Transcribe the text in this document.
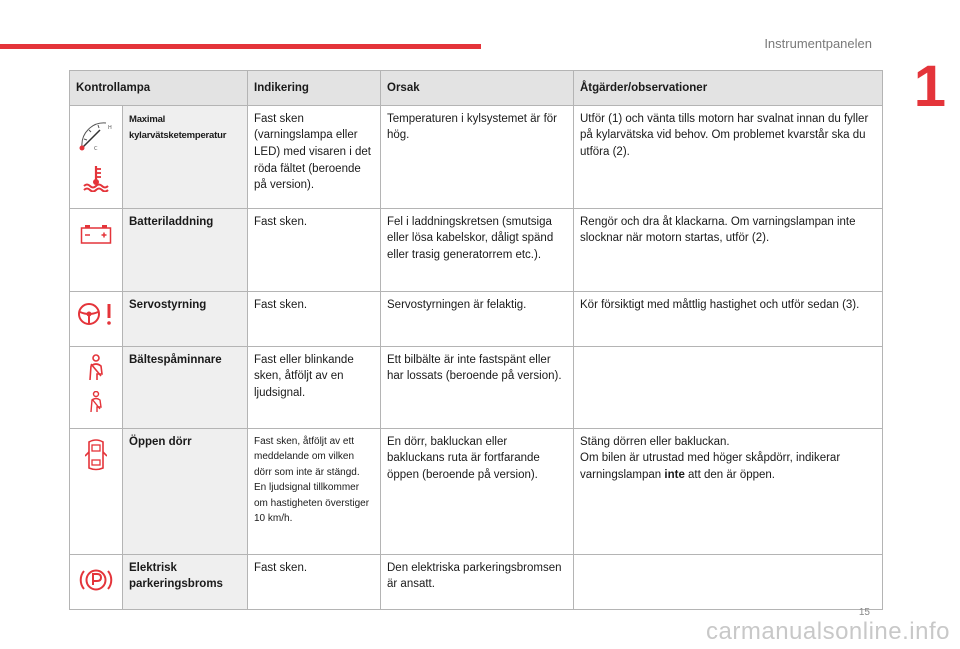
Instrumentpanelen
1
Kontrollampa		Indikering	Orsak	Åtgärder/observationer

H
C	Maximal kylarvätsketemperatur	Fast sken (varningslampa eller LED) med visaren i det röda fältet (beroende på version).	Temperaturen i kylsystemet är för hög.	Utför (1) och vänta tills motorn har svalnat innan du fyller på kylarvätska vid behov. Om problemet kvarstår ska du utföra (2).

	Batteriladdning	Fast sken.	Fel i laddningskretsen (smutsiga eller lösa kabelskor, dåligt spänd eller trasig generatorrem etc.).	Rengör och dra åt klackarna. Om varningslampan inte slocknar när motorn startas, utför (2).

	Servostyrning	Fast sken.	Servostyrningen är felaktig.	Kör försiktigt med måttlig hastighet och utför sedan (3).

	Bältespåminnare	Fast eller blinkande sken, åtföljt av en ljudsignal.	Ett bilbälte är inte fastspänt eller har lossats (beroende på version).	

	Öppen dörr	Fast sken, åtföljt av ett meddelande om vilken dörr som inte är stängd. En ljudsignal tillkommer om hastigheten överstiger 10 km/h.	En dörr, bakluckan eller bakluckans ruta är fortfarande öppen (beroende på version).	Stäng dörren eller bakluckan.
Om bilen är utrustad med höger skåpdörr, indikerar varningslampan inte att den är öppen.

	Elektrisk parkeringsbroms	Fast sken.	Den elektriska parkeringsbromsen är ansatt.	
15
carmanualsonline.info
